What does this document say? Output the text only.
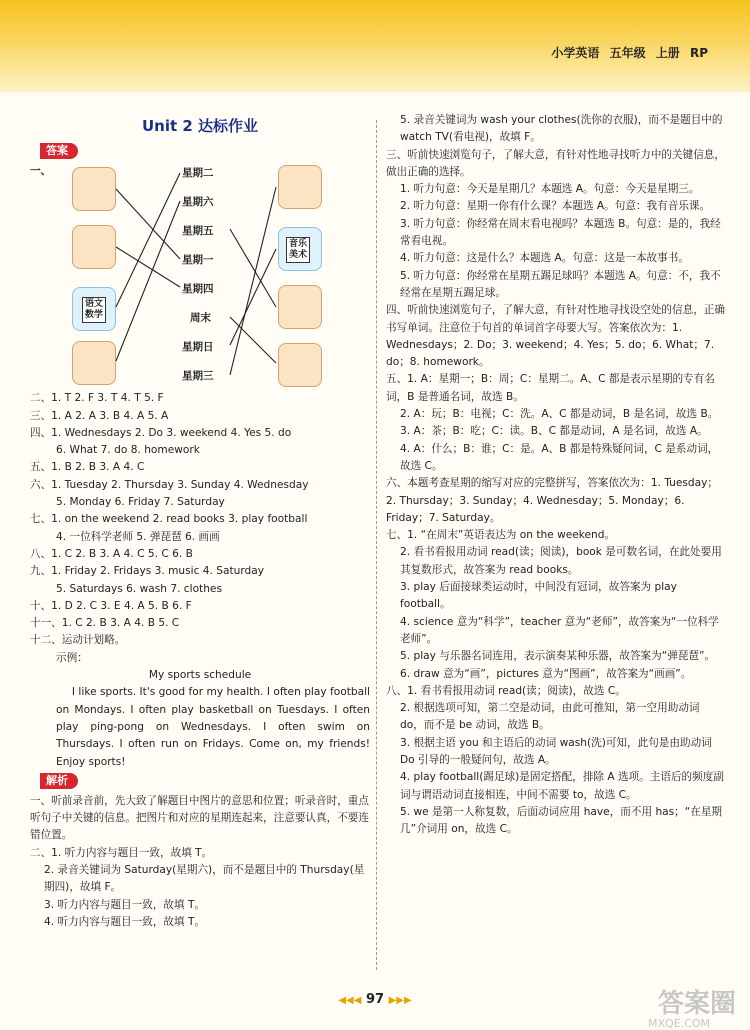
小学英语 五年级 上册 RP
Unit 2 达标作业
答案
一、
语文
数学
星期二
星期六
星期五
星期一
星期四
周末
星期日
星期三
音乐
美术
二、1. T 2. F 3. T 4. T 5. F
三、1. A 2. A 3. B 4. A 5. A
四、1. Wednesdays 2. Do 3. weekend 4. Yes 5. do
6. What 7. do 8. homework
五、1. B 2. B 3. A 4. C
六、1. Tuesday 2. Thursday 3. Sunday 4. Wednesday
5. Monday 6. Friday 7. Saturday
七、1. on the weekend 2. read books 3. play football
4. 一位科学老师 5. 弹琵琶 6. 画画
八、1. C 2. B 3. A 4. C 5. C 6. B
九、1. Friday 2. Fridays 3. music 4. Saturday
5. Saturdays 6. wash 7. clothes
十、1. D 2. C 3. E 4. A 5. B 6. F
十一、1. C 2. B 3. A 4. B 5. C
十二、运动计划略。
示例：
My sports schedule
I like sports. It's good for my health. I often play football on Mondays. I often play basketball on Tuesdays. I often play ping-pong on Wednesdays. I often swim on Thursdays. I often run on Fridays. Come on, my friends! Enjoy sports!
解析
一、听前录音前，先大致了解题目中图片的意思和位置；听录音时，重点听句子中关键的信息。把图片和对应的星期连起来，注意要认真，不要连错位置。
二、1. 听力内容与题目一致，故填 T。
2. 录音关键词为 Saturday(星期六)，而不是题目中的 Thursday(星期四)，故填 F。
3. 听力内容与题目一致，故填 T。
4. 听力内容与题目一致，故填 T。
5. 录音关键词为 wash your clothes(洗你的衣服)，而不是题目中的 watch TV(看电视)，故填 F。
三、听前快速浏览句子，了解大意，有针对性地寻找听力中的关键信息，做出正确的选择。
1. 听力句意：今天是星期几？本题选 A。句意：今天是星期三。
2. 听力句意：星期一你有什么课？本题选 A。句意：我有音乐课。
3. 听力句意：你经常在周末看电视吗？本题选 B。句意：是的，我经常看电视。
4. 听力句意：这是什么？本题选 A。句意：这是一本故事书。
5. 听力句意：你经常在星期五踢足球吗？本题选 A。句意：不，我不经常在星期五踢足球。
四、听前快速浏览句子，了解大意，有针对性地寻找设空处的信息，正确书写单词。注意位于句首的单词首字母要大写。答案依次为：1. Wednesdays；2. Do；3. weekend；4. Yes；5. do；6. What；7. do；8. homework。
五、1. A：星期一；B：周；C：星期二。A、C 都是表示星期的专有名词，B 是普通名词，故选 B。
2. A：玩；B：电视；C：洗。A、C 都是动词，B 是名词，故选 B。
3. A：茶；B：吃；C：读。B、C 都是动词，A 是名词，故选 A。
4. A：什么；B：谁；C：是。A、B 都是特殊疑问词，C 是系动词，故选 C。
六、本题考查星期的缩写对应的完整拼写，答案依次为：1. Tuesday；2. Thursday；3. Sunday；4. Wednesday；5. Monday；6. Friday；7. Saturday。
七、1. “在周末”英语表达为 on the weekend。
2. 看书看报用动词 read(读；阅读)，book 是可数名词，在此处要用其复数形式，故答案为 read books。
3. play 后面接球类运动时，中间没有冠词，故答案为 play football。
4. science 意为“科学”，teacher 意为“老师”，故答案为“一位科学老师”。
5. play 与乐器名词连用，表示演奏某种乐器，故答案为“弹琵琶”。
6. draw 意为“画”，pictures 意为“图画”，故答案为“画画”。
八、1. 看书看报用动词 read(读；阅读)，故选 C。
2. 根据选项可知，第二空是动词，由此可推知，第一空用助动词 do，而不是 be 动词，故选 B。
3. 根据主语 you 和主语后的动词 wash(洗)可知，此句是由助动词 Do 引导的一般疑问句，故选 A。
4. play football(踢足球)是固定搭配，排除 A 选项。主语后的频度副词与谓语动词直接相连，中间不需要 to，故选 C。
5. we 是第一人称复数，后面动词应用 have，而不用 has；“在星期几”介词用 on，故选 C。
◀◀◀ 97 ▶▶▶	答案圈
MXQE.COM
